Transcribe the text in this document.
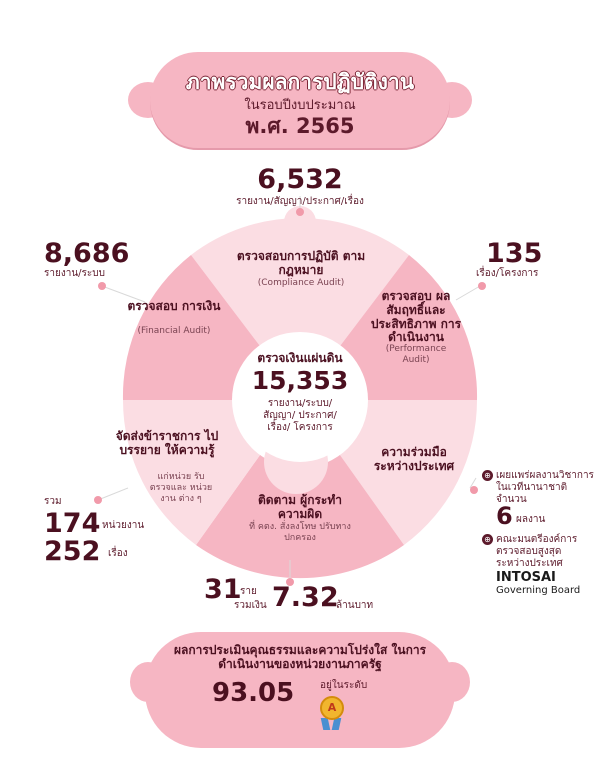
ภาพรวมผลการปฏิบัติงาน
ในรอบปีงบประมาณ
พ.ศ. 2565
6,532
รายงาน/สัญญา/ประกาศ/เรื่อง
ตรวจสอบการปฏิบัติ ตามกฎหมาย
(Compliance Audit)
8,686
รายงาน/ระบบ
ตรวจสอบ การเงิน
(Financial Audit)
135
เรื่อง/โครงการ
ตรวจสอบ ผลสัมฤทธิ์และ ประสิทธิภาพ การดำเนินงาน
(Performance Audit)
ตรวจเงินแผ่นดิน
15,353
รายงาน/ระบบ/ สัญญา/ ประกาศ/เรื่อง/ โครงการ
จัดส่งข้าราชการ ไปบรรยาย ให้ความรู้
แก่หน่วย รับตรวจและ หน่วยงาน ต่าง ๆ
รวม
174 หน่วยงาน
252 เรื่อง
ความร่วมมือ ระหว่างประเทศ
⊕ เผยแพร่ผลงานวิชาการ ในเวทีนานาชาติ จำนวน
6 ผลงาน
⊕ คณะมนตรีองค์การ ตรวจสอบสูงสุด ระหว่างประเทศ
INTOSAI
Governing Board
ติดตาม ผู้กระทำความผิด
ที่ คตง. สั่งลงโทษ ปรับทางปกครอง
31
ราย
รวมเงิน 7.32
ล้านบาท
ผลการประเมินคุณธรรมและความโปร่งใส ในการดำเนินงานของหน่วยงานภาครัฐ
93.05	อยู่ในระดับ
A
